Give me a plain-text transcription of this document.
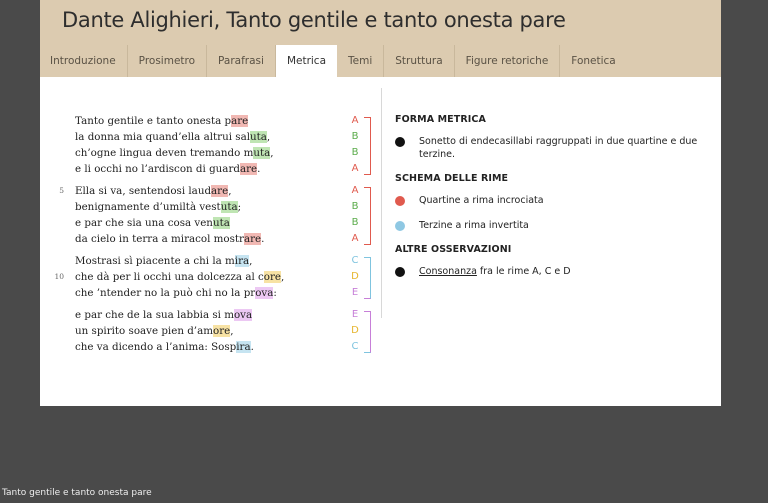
Dante Alighieri, Tanto gentile e tanto onesta pare
Introduzione	Prosimetro	Parafrasi	Metrica	Temi	Struttura	Figure retoriche	Fonetica
Tanto gentile e tanto onesta pare	A
la donna mia quand’ella altrui saluta,	B
ch’ogne lingua deven tremando muta,	B
e li occhi no l’ardiscon di guardare.	A
5 Ella si va, sentendosi laudare,	A
benignamente d’umiltà vestuta;	B
e par che sia una cosa venuta	B
da cielo in terra a miracol mostrare.	A
Mostrasi sì piacente a chi la mira,	C
10 che dà per li occhi una dolcezza al core,	D
che ’ntender no la può chi no la prova:	E
e par che de la sua labbia si mova	E
un spirito soave pien d’amore,	D
che va dicendo a l’anima: Sospira.	C
FORMA METRICA
Sonetto di endecasillabi raggruppati in due quartine e due terzine.
SCHEMA DELLE RIME
Quartine a rima incrociata
Terzine a rima invertita
ALTRE OSSERVAZIONI
Consonanza fra le rime A, C e D
Tanto gentile e tanto onesta pare
